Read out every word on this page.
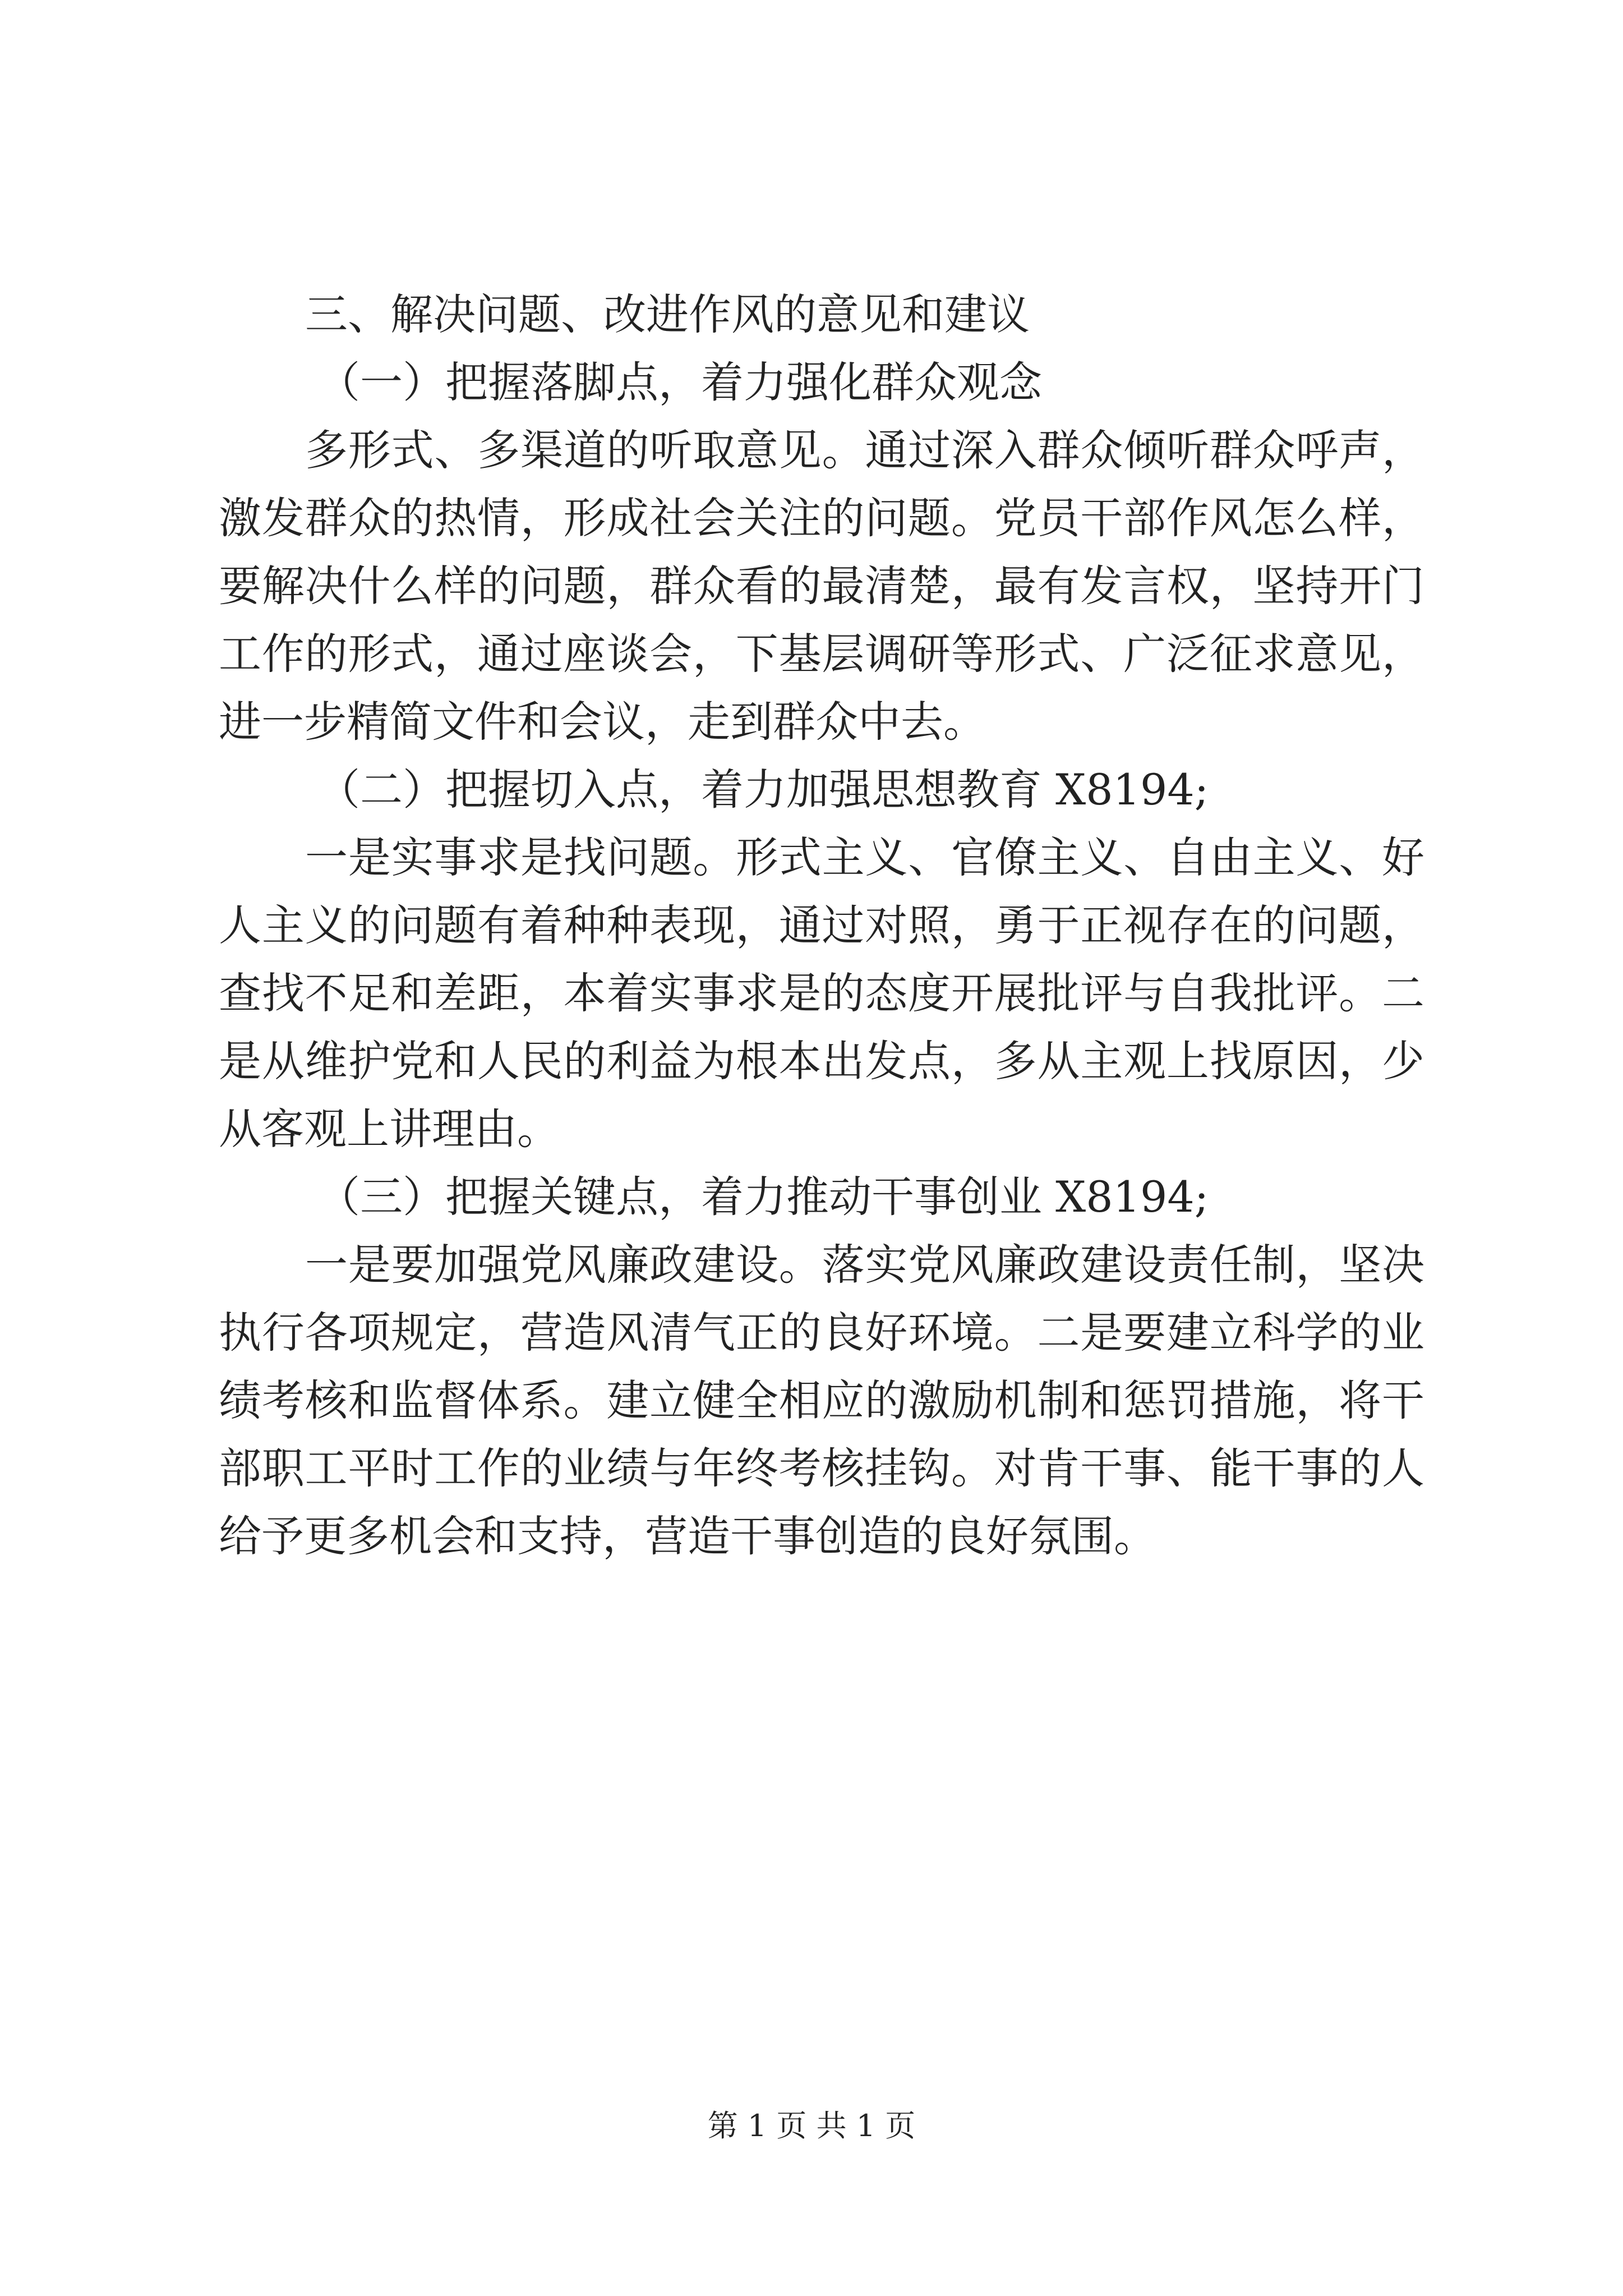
三、解决问题、改进作风的意见和建议

（一）把握落脚点，着力强化群众观念

多形式、多渠道的听取意见。通过深入群众倾听群众呼声，激发群众的热情，形成社会关注的问题。党员干部作风怎么样，要解决什么样的问题，群众看的最清楚，最有发言权，坚持开门工作的形式，通过座谈会，下基层调研等形式、广泛征求意见，进一步精简文件和会议，走到群众中去。

（二）把握切入点，着力加强思想教育 X8194;

一是实事求是找问题。形式主义、官僚主义、自由主义、好人主义的问题有着种种表现，通过对照，勇于正视存在的问题，查找不足和差距，本着实事求是的态度开展批评与自我批评。二是从维护党和人民的利益为根本出发点，多从主观上找原因，少从客观上讲理由。

（三）把握关键点，着力推动干事创业 X8194;

一是要加强党风廉政建设。落实党风廉政建设责任制，坚决执行各项规定，营造风清气正的良好环境。二是要建立科学的业绩考核和监督体系。建立健全相应的激励机制和惩罚措施，将干部职工平时工作的业绩与年终考核挂钩。对肯干事、能干事的人给予更多机会和支持，营造干事创造的良好氛围。

第 1 页 共 1 页
